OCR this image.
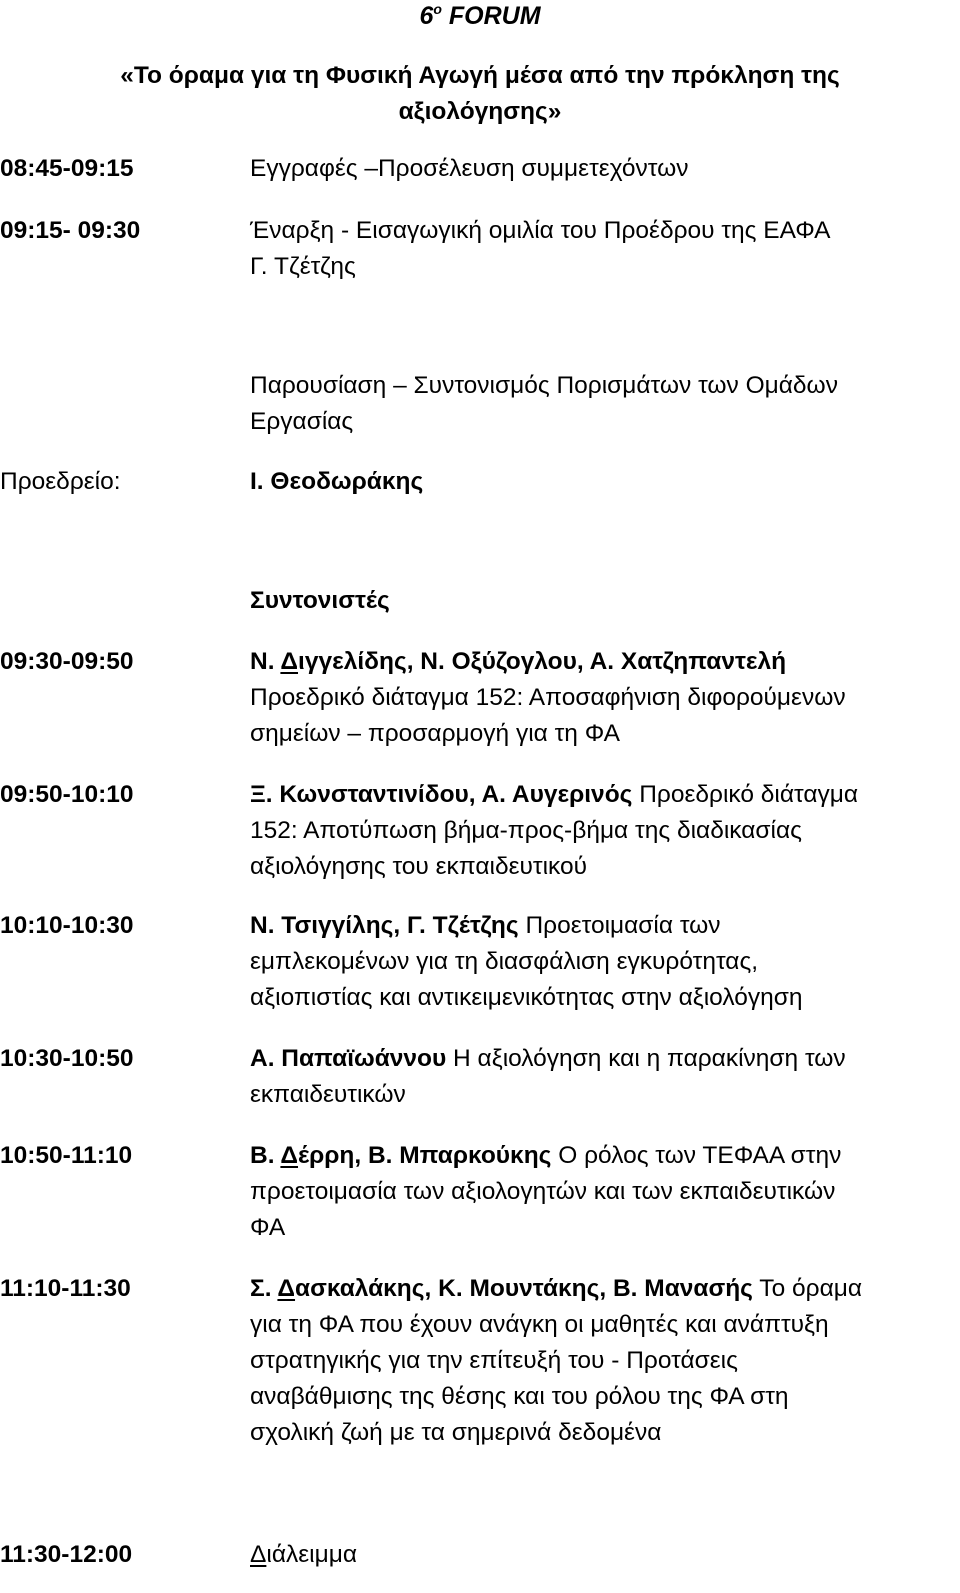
$6^o$ FORUM
«Το όραμα για τη Φυσική Αγωγή μέσα από την πρόκληση της
αξιολόγησης»
08:45-09:15	Εγγραφές –Προσέλευση συμμετεχόντων
09:15- 09:30	Έναρξη - Εισαγωγική ομιλία του Προέδρου της ΕΑΦΑ
Γ. Τζέτζης
Παρουσίαση – Συντονισμός Πορισμάτων των Ομάδων
Εργασίας
Προεδρείο:	Ι. Θεοδωράκης
Συντονιστές
09:30-09:50	Ν. Διγγελίδης, Ν. Οξύζογλου, Α. Χατζηπαντελή
Προεδρικό διάταγμα 152: Αποσαφήνιση διφορούμενων
σημείων – προσαρμογή για τη ΦΑ
09:50-10:10	Ξ. Κωνσταντινίδου, Α. Αυγερινός Προεδρικό διάταγμα
152: Αποτύπωση βήμα-προς-βήμα της διαδικασίας
αξιολόγησης του εκπαιδευτικού
10:10-10:30	Ν. Τσιγγίλης, Γ. Τζέτζης Προετοιμασία των
εμπλεκομένων για τη διασφάλιση εγκυρότητας,
αξιοπιστίας και αντικειμενικότητας στην αξιολόγηση
10:30-10:50	Α. Παπαϊωάννου Η αξιολόγηση και η παρακίνηση των
εκπαιδευτικών
10:50-11:10	Β. Δέρρη, Β. Μπαρκούκης Ο ρόλος των ΤΕΦΑΑ στην
προετοιμασία των αξιολογητών και των εκπαιδευτικών
ΦΑ
11:10-11:30	Σ. Δασκαλάκης, Κ. Μουντάκης, Β. Μανασής Το όραμα
για τη ΦΑ που έχουν ανάγκη οι μαθητές και ανάπτυξη
στρατηγικής για την επίτευξή του - Προτάσεις
αναβάθμισης της θέσης και του ρόλου της ΦΑ στη
σχολική ζωή με τα σημερινά δεδομένα
11:30-12:00	Διάλειμμα
